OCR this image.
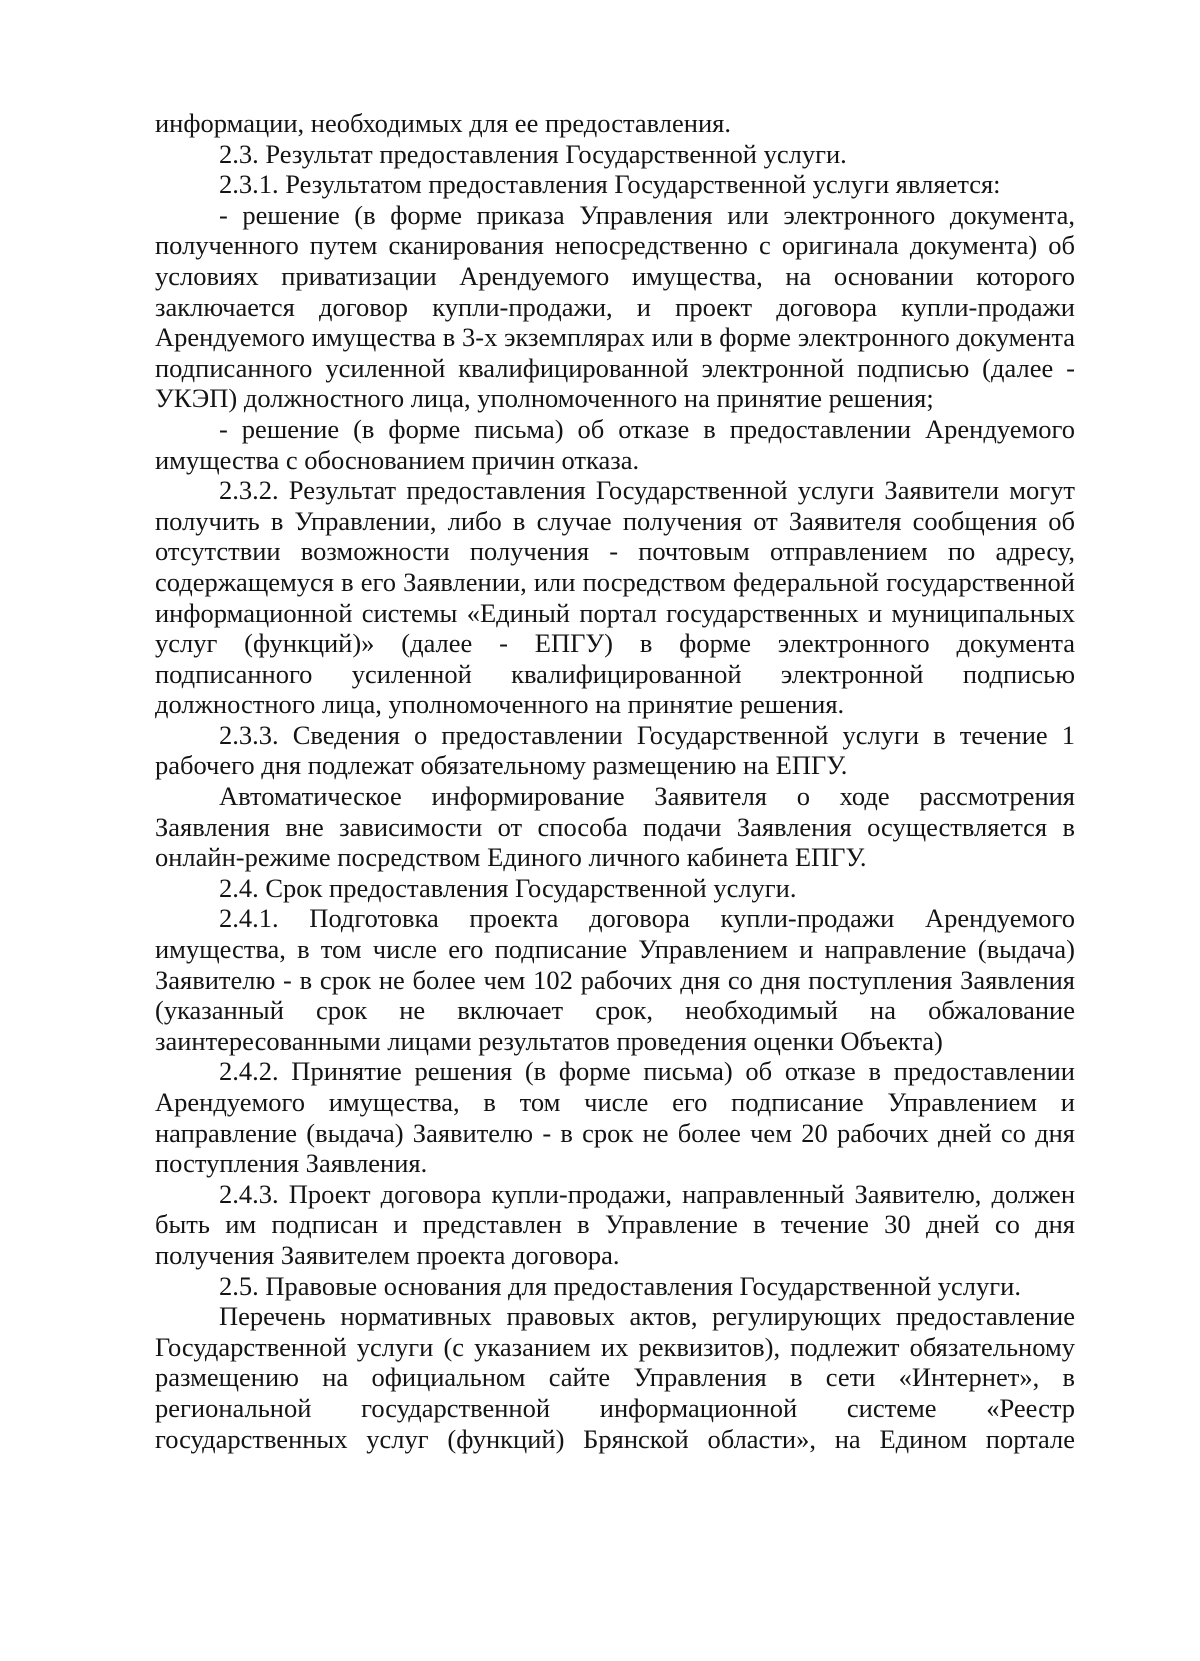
информации, необходимых для ее предоставления.

2.3. Результат предоставления Государственной услуги.

2.3.1. Результатом предоставления Государственной услуги является:

- решение (в форме приказа Управления или электронного документа, полученного путем сканирования непосредственно с оригинала документа) об условиях приватизации Арендуемого имущества, на основании которого заключается договор купли-продажи, и проект договора купли-продажи Арендуемого имущества в 3-х экземплярах или в форме электронного документа подписанного усиленной квалифицированной электронной подписью (далее - УКЭП) должностного лица, уполномоченного на принятие решения;

- решение (в форме письма) об отказе в предоставлении Арендуемого имущества с обоснованием причин отказа.

2.3.2. Результат предоставления Государственной услуги Заявители могут получить в Управлении, либо в случае получения от Заявителя сообщения об отсутствии возможности получения - почтовым отправлением по адресу, содержащемуся в его Заявлении, или посредством федеральной государственной информационной системы «Единый портал государственных и муниципальных услуг (функций)» (далее - ЕПГУ) в форме электронного документа подписанного усиленной квалифицированной электронной подписью должностного лица, уполномоченного на принятие решения.

2.3.3. Сведения о предоставлении Государственной услуги в течение 1 рабочего дня подлежат обязательному размещению на ЕПГУ.

Автоматическое информирование Заявителя о ходе рассмотрения Заявления вне зависимости от способа подачи Заявления осуществляется в онлайн-режиме посредством Единого личного кабинета ЕПГУ.

2.4. Срок предоставления Государственной услуги.

2.4.1. Подготовка проекта договора купли-продажи Арендуемого имущества, в том числе его подписание Управлением и направление (выдача) Заявителю - в срок не более чем 102 рабочих дня со дня поступления Заявления (указанный срок не включает срок, необходимый на обжалование заинтересованными лицами результатов проведения оценки Объекта)

2.4.2. Принятие решения (в форме письма) об отказе в предоставлении Арендуемого имущества, в том числе его подписание Управлением и направление (выдача) Заявителю - в срок не более чем 20 рабочих дней со дня поступления Заявления.

2.4.3. Проект договора купли-продажи, направленный Заявителю, должен быть им подписан и представлен в Управление в течение 30 дней со дня получения Заявителем проекта договора.

2.5. Правовые основания для предоставления Государственной услуги.

Перечень нормативных правовых актов, регулирующих предоставление Государственной услуги (с указанием их реквизитов), подлежит обязательному размещению на официальном сайте Управления в сети «Интернет», в региональной государственной информационной системе «Реестр государственных услуг (функций) Брянской области», на Едином портале
